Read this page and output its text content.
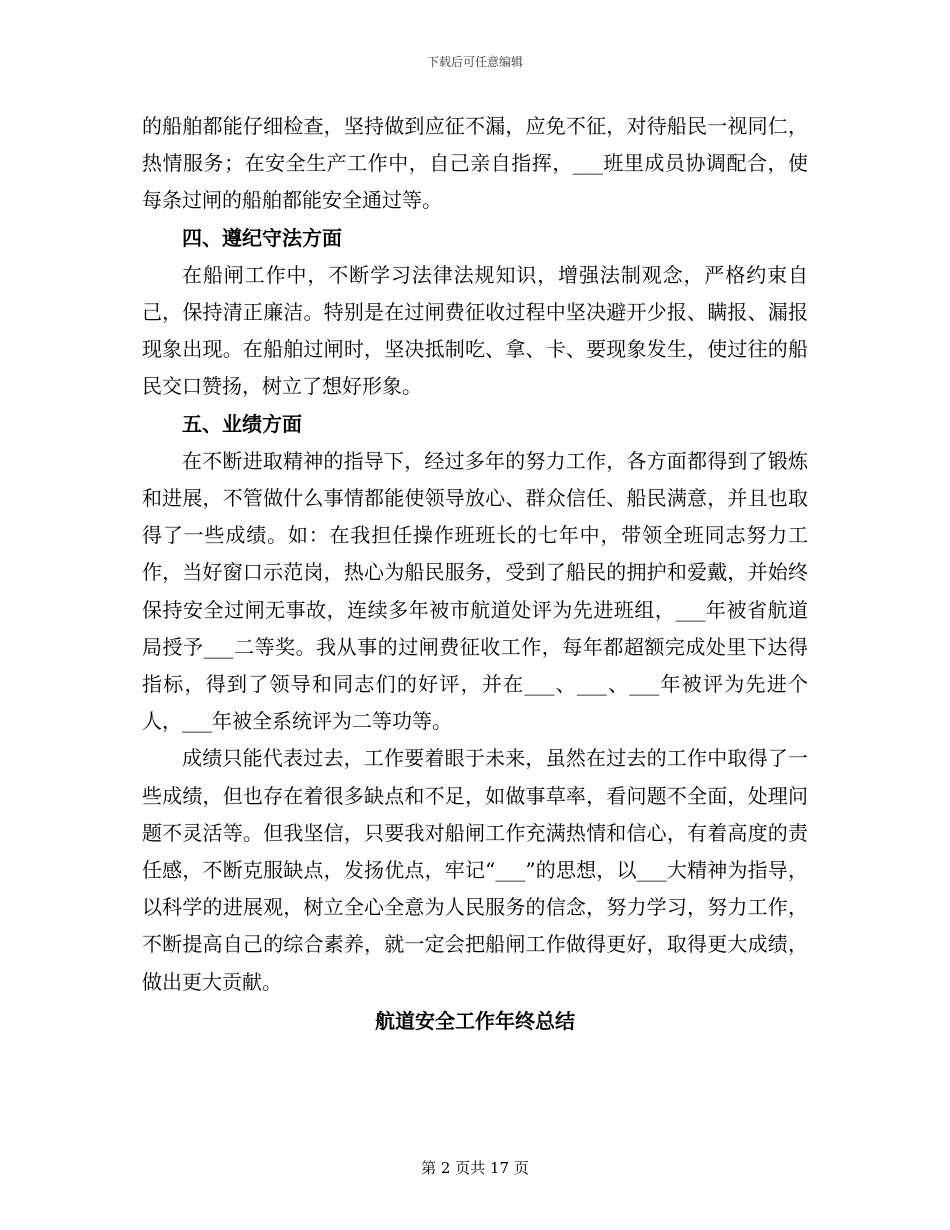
下载后可任意编辑

的船舶都能仔细检查，坚持做到应征不漏，应免不征，对待船民一视同仁，热情服务；在安全生产工作中，自己亲自指挥，___班里成员协调配合，使每条过闸的船舶都能安全通过等。

四、遵纪守法方面

在船闸工作中，不断学习法律法规知识，增强法制观念，严格约束自己，保持清正廉洁。特别是在过闸费征收过程中坚决避开少报、瞒报、漏报现象出现。在船舶过闸时，坚决抵制吃、拿、卡、要现象发生，使过往的船民交口赞扬，树立了想好形象。

五、业绩方面

在不断进取精神的指导下，经过多年的努力工作，各方面都得到了锻炼和进展，不管做什么事情都能使领导放心、群众信任、船民满意，并且也取得了一些成绩。如：在我担任操作班班长的七年中，带领全班同志努力工作，当好窗口示范岗，热心为船民服务，受到了船民的拥护和爱戴，并始终保持安全过闸无事故，连续多年被市航道处评为先进班组，___年被省航道局授予___二等奖。我从事的过闸费征收工作，每年都超额完成处里下达得指标，得到了领导和同志们的好评，并在___、___、___年被评为先进个人，___年被全系统评为二等功等。

成绩只能代表过去，工作要着眼于未来，虽然在过去的工作中取得了一些成绩，但也存在着很多缺点和不足，如做事草率，看问题不全面，处理问题不灵活等。但我坚信，只要我对船闸工作充满热情和信心，有着高度的责任感，不断克服缺点，发扬优点，牢记“___”的思想，以___大精神为指导，以科学的进展观，树立全心全意为人民服务的信念，努力学习，努力工作，不断提高自己的综合素养，就一定会把船闸工作做得更好，取得更大成绩，做出更大贡献。

航道安全工作年终总结

第 2 页共 17 页
